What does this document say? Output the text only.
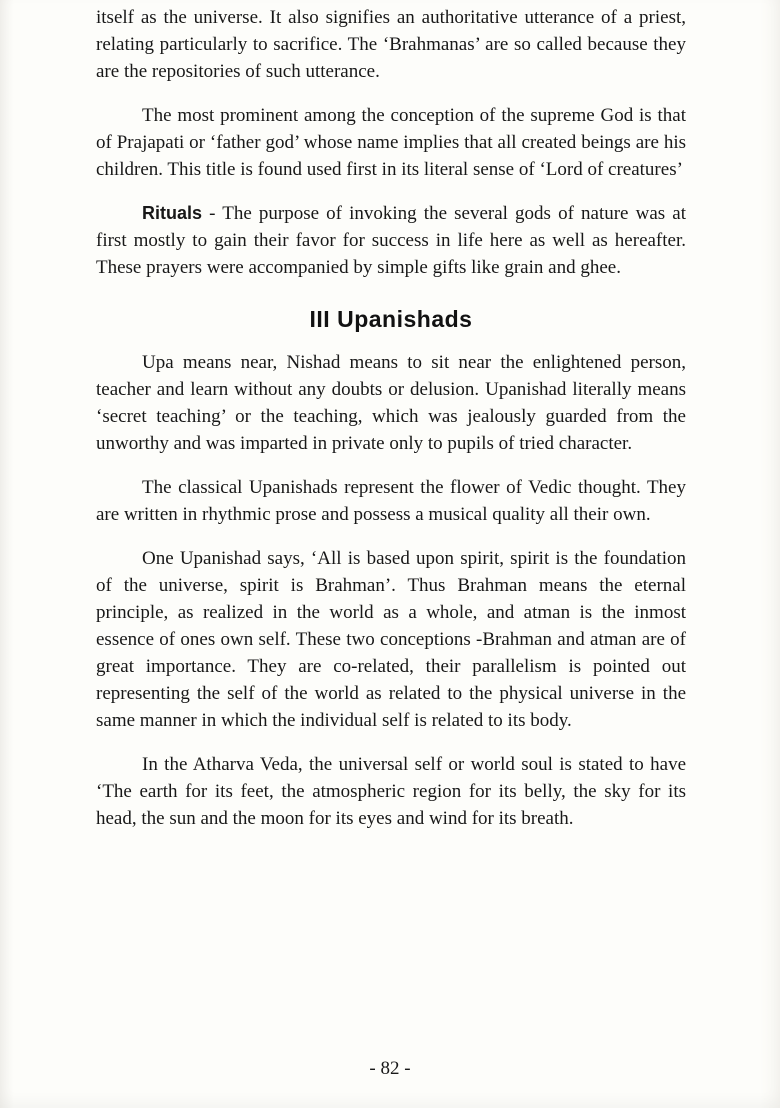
itself as the universe. It also signifies an authoritative utterance of a priest, relating particularly to sacrifice. The ‘Brahmanas’ are so called because they are the repositories of such utterance.

The most prominent among the conception of the supreme God is that of Prajapati or ‘father god’ whose name implies that all created beings are his children. This title is found used first in its literal sense of ‘Lord of creatures’

Rituals - The purpose of invoking the several gods of nature was at first mostly to gain their favor for success in life here as well as hereafter. These prayers were accompanied by simple gifts like grain and ghee.

III Upanishads

Upa means near, Nishad means to sit near the enlightened person, teacher and learn without any doubts or delusion. Upanishad literally means ‘secret teaching’ or the teaching, which was jealously guarded from the unworthy and was imparted in private only to pupils of tried character.

The classical Upanishads represent the flower of Vedic thought. They are written in rhythmic prose and possess a musical quality all their own.

One Upanishad says, ‘All is based upon spirit, spirit is the foundation of the universe, spirit is Brahman’. Thus Brahman means the eternal principle, as realized in the world as a whole, and atman is the inmost essence of ones own self. These two conceptions -Brahman and atman are of great importance. They are co-related, their parallelism is pointed out representing the self of the world as related to the physical universe in the same manner in which the individual self is related to its body.

In the Atharva Veda, the universal self or world soul is stated to have ‘The earth for its feet, the atmospheric region for its belly, the sky for its head, the sun and the moon for its eyes and wind for its breath.

- 82 -
